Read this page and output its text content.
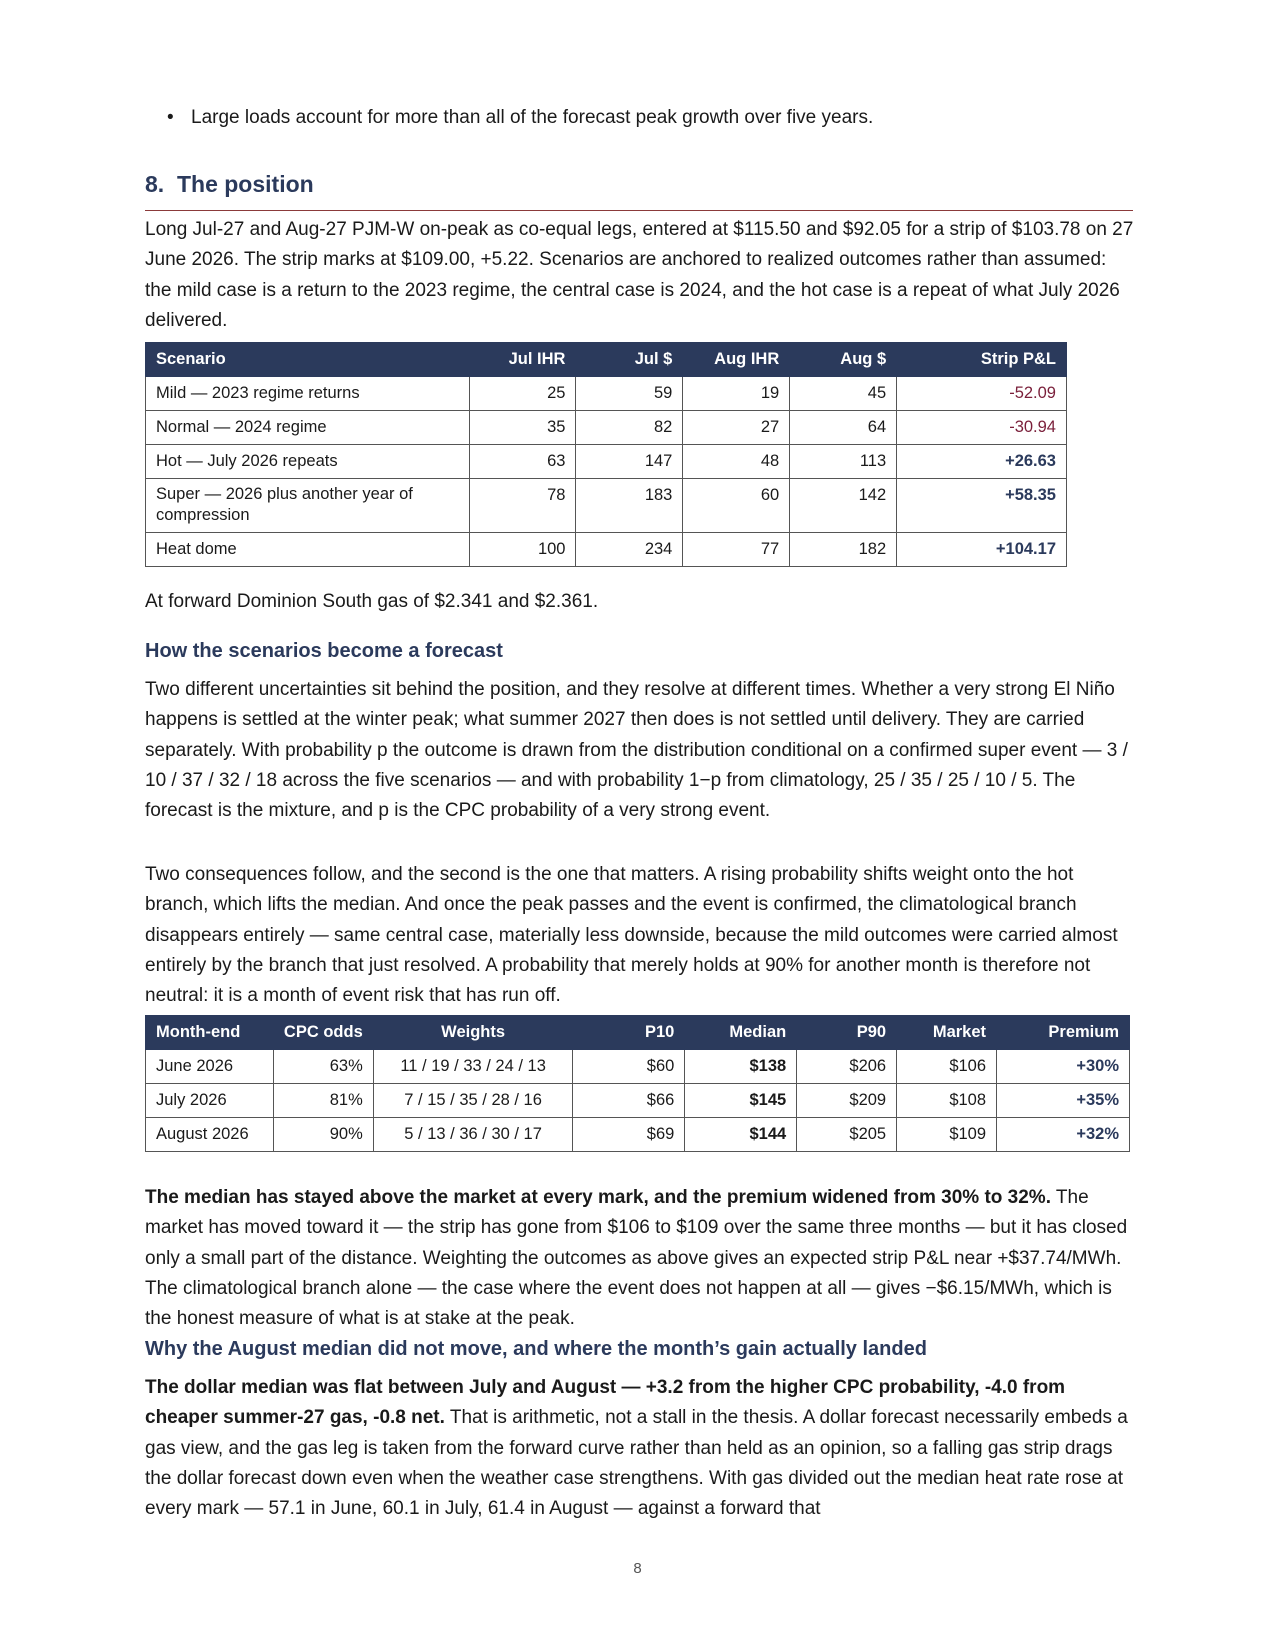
• Large loads account for more than all of the forecast peak growth over five years.
8. The position

Long Jul-27 and Aug-27 PJM-W on-peak as co-equal legs, entered at $115.50 and $92.05 for a strip of $103.78 on 27 June 2026. The strip marks at $109.00, +5.22. Scenarios are anchored to realized outcomes rather than assumed: the mild case is a return to the 2023 regime, the central case is 2024, and the hot case is a repeat of what July 2026 delivered.

Scenario	Jul IHR	Jul $	Aug IHR	Aug $	Strip P&L
Mild — 2023 regime returns	25	59	19	45	-52.09
Normal — 2024 regime	35	82	27	64	-30.94
Hot — July 2026 repeats	63	147	48	113	+26.63
Super — 2026 plus another year of compression	78	183	60	142	+58.35
Heat dome	100	234	77	182	+104.17
At forward Dominion South gas of $2.341 and $2.361.
How the scenarios become a forecast

Two different uncertainties sit behind the position, and they resolve at different times. Whether a very strong El Niño happens is settled at the winter peak; what summer 2027 then does is not settled until delivery. They are carried separately. With probability p the outcome is drawn from the distribution conditional on a confirmed super event — 3 / 10 / 37 / 32 / 18 across the five scenarios — and with probability 1−p from climatology, 25 / 35 / 25 / 10 / 5. The forecast is the mixture, and p is the CPC probability of a very strong event.

Two consequences follow, and the second is the one that matters. A rising probability shifts weight onto the hot branch, which lifts the median. And once the peak passes and the event is confirmed, the climatological branch disappears entirely — same central case, materially less downside, because the mild outcomes were carried almost entirely by the branch that just resolved. A probability that merely holds at 90% for another month is therefore not neutral: it is a month of event risk that has run off.

Month-end	CPC odds	Weights	P10	Median	P90	Market	Premium
June 2026	63%	11 / 19 / 33 / 24 / 13	$60	$138	$206	$106	+30%
July 2026	81%	7 / 15 / 35 / 28 / 16	$66	$145	$209	$108	+35%
August 2026	90%	5 / 13 / 36 / 30 / 17	$69	$144	$205	$109	+32%

The median has stayed above the market at every mark, and the premium widened from 30% to 32%. The market has moved toward it — the strip has gone from $106 to $109 over the same three months — but it has closed only a small part of the distance. Weighting the outcomes as above gives an expected strip P&L near +$37.74/MWh. The climatological branch alone — the case where the event does not happen at all — gives −$6.15/MWh, which is the honest measure of what is at stake at the peak.

Why the August median did not move, and where the month’s gain actually landed

The dollar median was flat between July and August — +3.2 from the higher CPC probability, -4.0 from cheaper summer-27 gas, -0.8 net. That is arithmetic, not a stall in the thesis. A dollar forecast necessarily embeds a gas view, and the gas leg is taken from the forward curve rather than held as an opinion, so a falling gas strip drags the dollar forecast down even when the weather case strengthens. With gas divided out the median heat rate rose at every mark — 57.1 in June, 60.1 in July, 61.4 in August — against a forward that

8
